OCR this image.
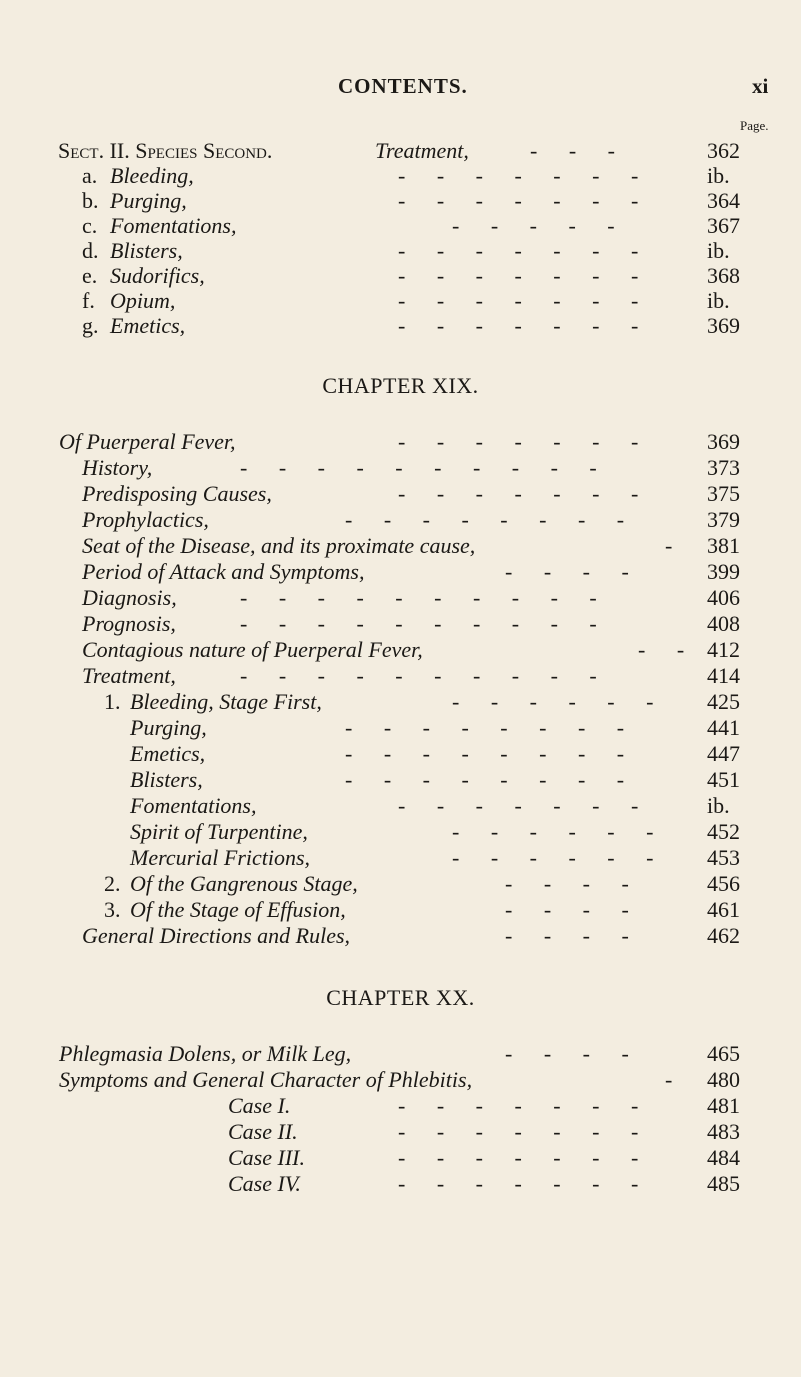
CONTENTS.	xi
Page.
Sect. II. Species Second.	Treatment,	- - -	362
a. Bleeding,	- - - - - - -	ib.
b. Purging,	- - - - - - -	364
c. Fomentations,	- - - - -	367
d. Blisters,	- - - - - - -	ib.
e. Sudorifics,	- - - - - - -	368
f. Opium,	- - - - - - -	ib.
g. Emetics,	- - - - - - -	369
CHAPTER XIX.
Of Puerperal Fever,	- - - - - - -	369
History,	- - - - - - - - - -	373
Predisposing Causes,	- - - - - - -	375
Prophylactics,	- - - - - - - -	379
Seat of the Disease, and its proximate cause,	- 381
Period of Attack and Symptoms,	- - - -	399
Diagnosis,	- - - - - - - - - -	406
Prognosis,	- - - - - - - - - -	408
Contagious nature of Puerperal Fever,	- - 412
Treatment,	- - - - - - - - - -	414
1. Bleeding, Stage First,	- - - - - - 425
Purging,	- - - - - - - -	441
Emetics,	- - - - - - - -	447
Blisters,	- - - - - - - -	451
Fomentations,	- - - - - - -	ib.
Spirit of Turpentine,	- - - - - - 452
Mercurial Frictions,	- - - - - - 453
2. Of the Gangrenous Stage,	- - - -	456
3. Of the Stage of Effusion,	- - - -	461
General Directions and Rules,	- - - -	462
CHAPTER XX.
Phlegmasia Dolens, or Milk Leg,	- - - -	465
Symptoms and General Character of Phlebitis,	- 480
Case I.	- - - - - - -	481
Case II.	- - - - - - -	483
Case III.	- - - - - - -	484
Case IV.	- - - - - - -	485
